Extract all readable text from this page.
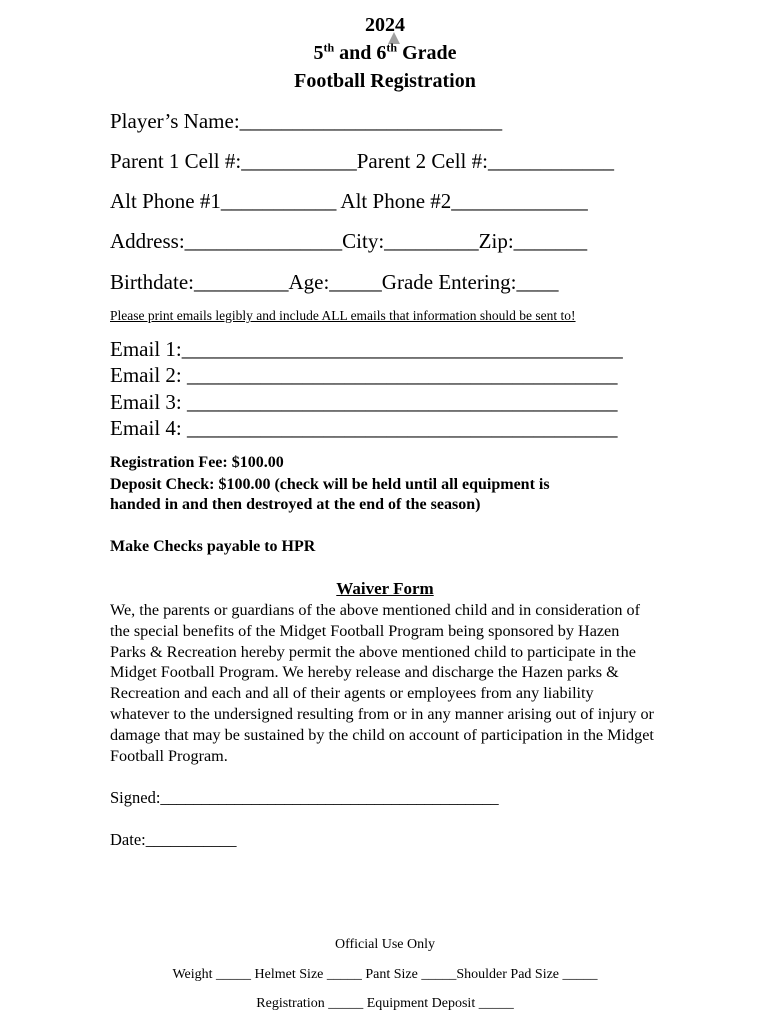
2024
5th and 6th Grade
Football Registration
Player’s Name:_________________________
Parent 1 Cell #:___________Parent 2 Cell #:____________
Alt Phone #1___________ Alt Phone #2_____________
Address:_______________City:_________Zip:_______
Birthdate:_________Age:_____Grade Entering:____
Please print emails legibly and include ALL emails that information should be sent to!
Email 1:__________________________________________
Email 2: _________________________________________
Email 3: _________________________________________
Email 4: _________________________________________
Registration Fee: $100.00
Deposit Check: $100.00 (check will be held until all equipment is
handed in and then destroyed at the end of the season)
Make Checks payable to HPR
Waiver Form
We, the parents or guardians of the above mentioned child and in consideration of the special benefits of the Midget Football Program being sponsored by Hazen Parks & Recreation hereby permit the above mentioned child to participate in the Midget Football Program. We hereby release and discharge the Hazen parks & Recreation and each and all of their agents or employees from any liability whatever to the undersigned resulting from or in any manner arising out of injury or damage that may be sustained by the child on account of participation in the Midget Football Program.
Signed:_________________________________________
Date:___________
Official Use Only
Weight _____ Helmet Size _____ Pant Size _____Shoulder Pad Size _____
Registration _____ Equipment Deposit _____
